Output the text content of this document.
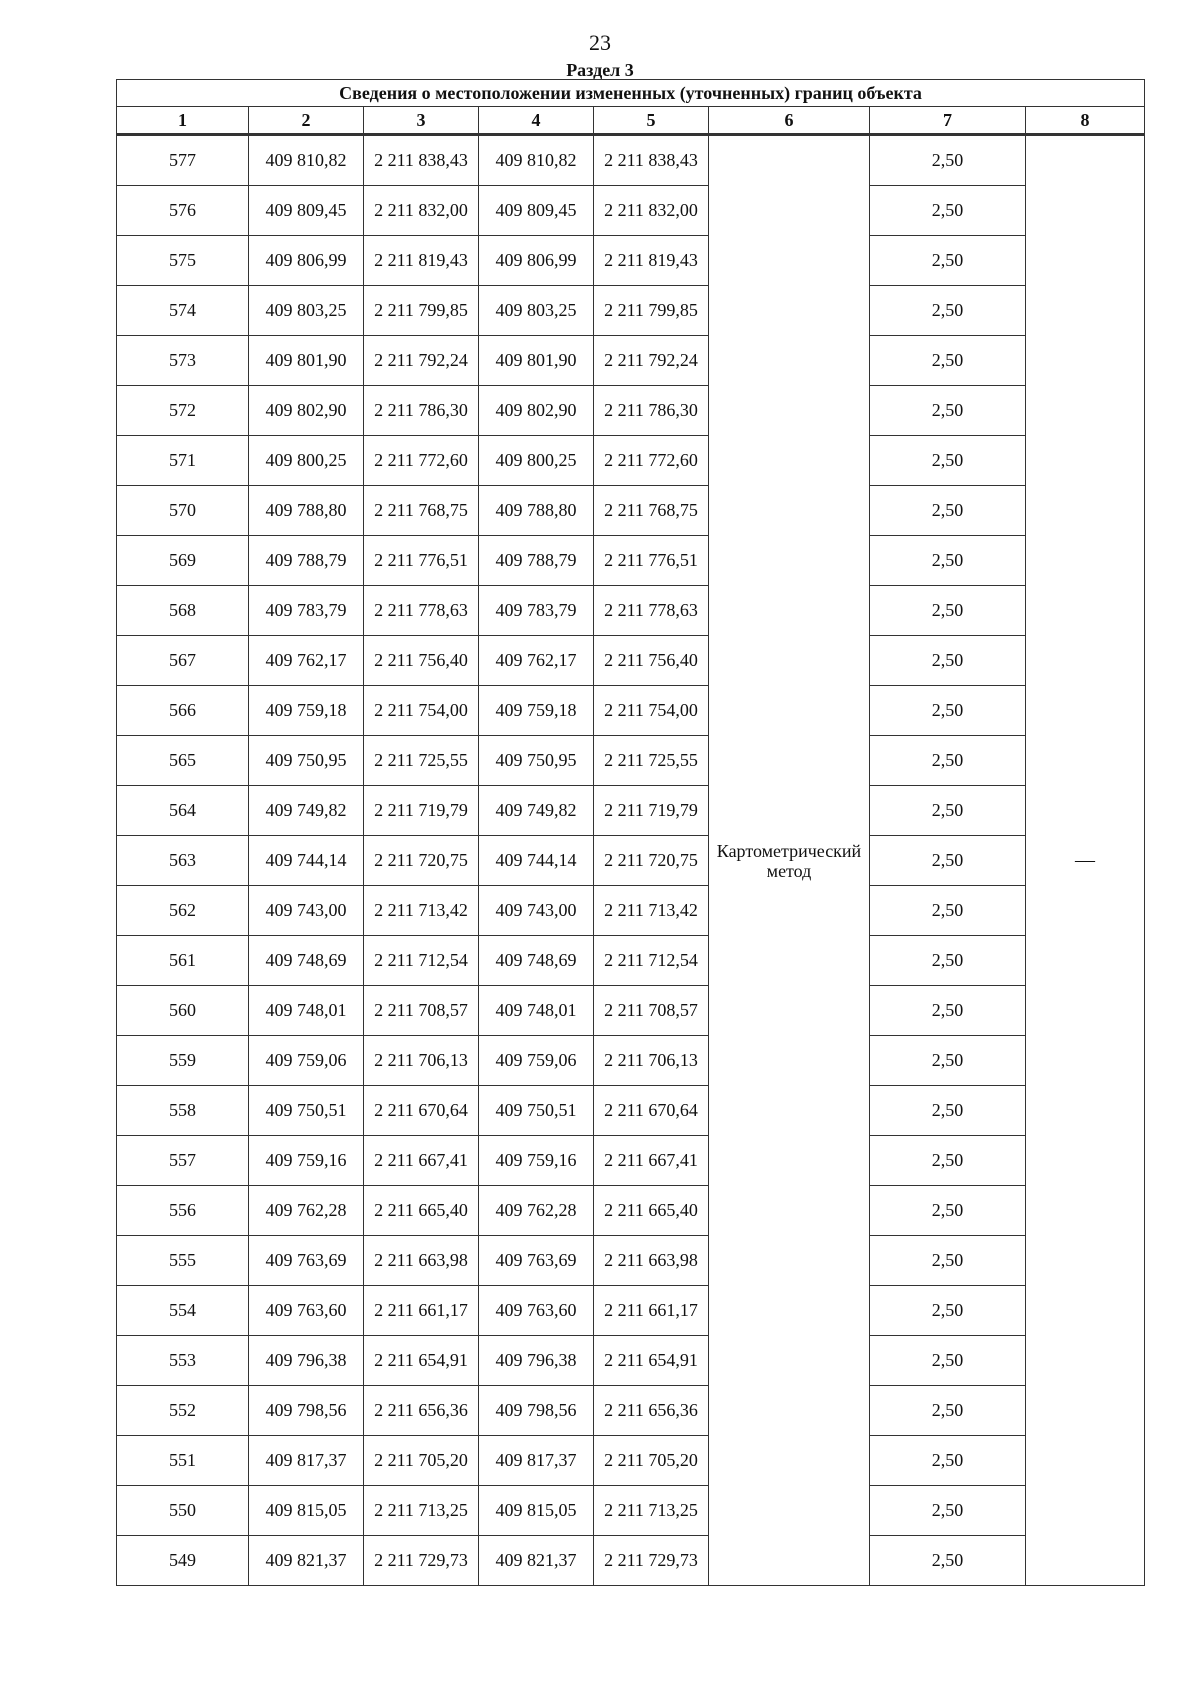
23
Раздел 3
Сведения о местоположении измененных (уточненных) границ объекта							
1	2	3	4	5	6	7	8
577	409 810,82	2 211 838,43	409 810,82	2 211 838,43	Картометрический метод	2,50	—
576	409 809,45	2 211 832,00	409 809,45	2 211 832,00		2,50	
575	409 806,99	2 211 819,43	409 806,99	2 211 819,43		2,50	
574	409 803,25	2 211 799,85	409 803,25	2 211 799,85		2,50	
573	409 801,90	2 211 792,24	409 801,90	2 211 792,24		2,50	
572	409 802,90	2 211 786,30	409 802,90	2 211 786,30		2,50	
571	409 800,25	2 211 772,60	409 800,25	2 211 772,60		2,50	
570	409 788,80	2 211 768,75	409 788,80	2 211 768,75		2,50	
569	409 788,79	2 211 776,51	409 788,79	2 211 776,51		2,50	
568	409 783,79	2 211 778,63	409 783,79	2 211 778,63		2,50	
567	409 762,17	2 211 756,40	409 762,17	2 211 756,40		2,50	
566	409 759,18	2 211 754,00	409 759,18	2 211 754,00		2,50	
565	409 750,95	2 211 725,55	409 750,95	2 211 725,55		2,50	
564	409 749,82	2 211 719,79	409 749,82	2 211 719,79		2,50	
563	409 744,14	2 211 720,75	409 744,14	2 211 720,75		2,50	
562	409 743,00	2 211 713,42	409 743,00	2 211 713,42		2,50	
561	409 748,69	2 211 712,54	409 748,69	2 211 712,54		2,50	
560	409 748,01	2 211 708,57	409 748,01	2 211 708,57		2,50	
559	409 759,06	2 211 706,13	409 759,06	2 211 706,13		2,50	
558	409 750,51	2 211 670,64	409 750,51	2 211 670,64		2,50	
557	409 759,16	2 211 667,41	409 759,16	2 211 667,41		2,50	
556	409 762,28	2 211 665,40	409 762,28	2 211 665,40		2,50	
555	409 763,69	2 211 663,98	409 763,69	2 211 663,98		2,50	
554	409 763,60	2 211 661,17	409 763,60	2 211 661,17		2,50	
553	409 796,38	2 211 654,91	409 796,38	2 211 654,91		2,50	
552	409 798,56	2 211 656,36	409 798,56	2 211 656,36		2,50	
551	409 817,37	2 211 705,20	409 817,37	2 211 705,20		2,50	
550	409 815,05	2 211 713,25	409 815,05	2 211 713,25		2,50	
549	409 821,37	2 211 729,73	409 821,37	2 211 729,73		2,50	
